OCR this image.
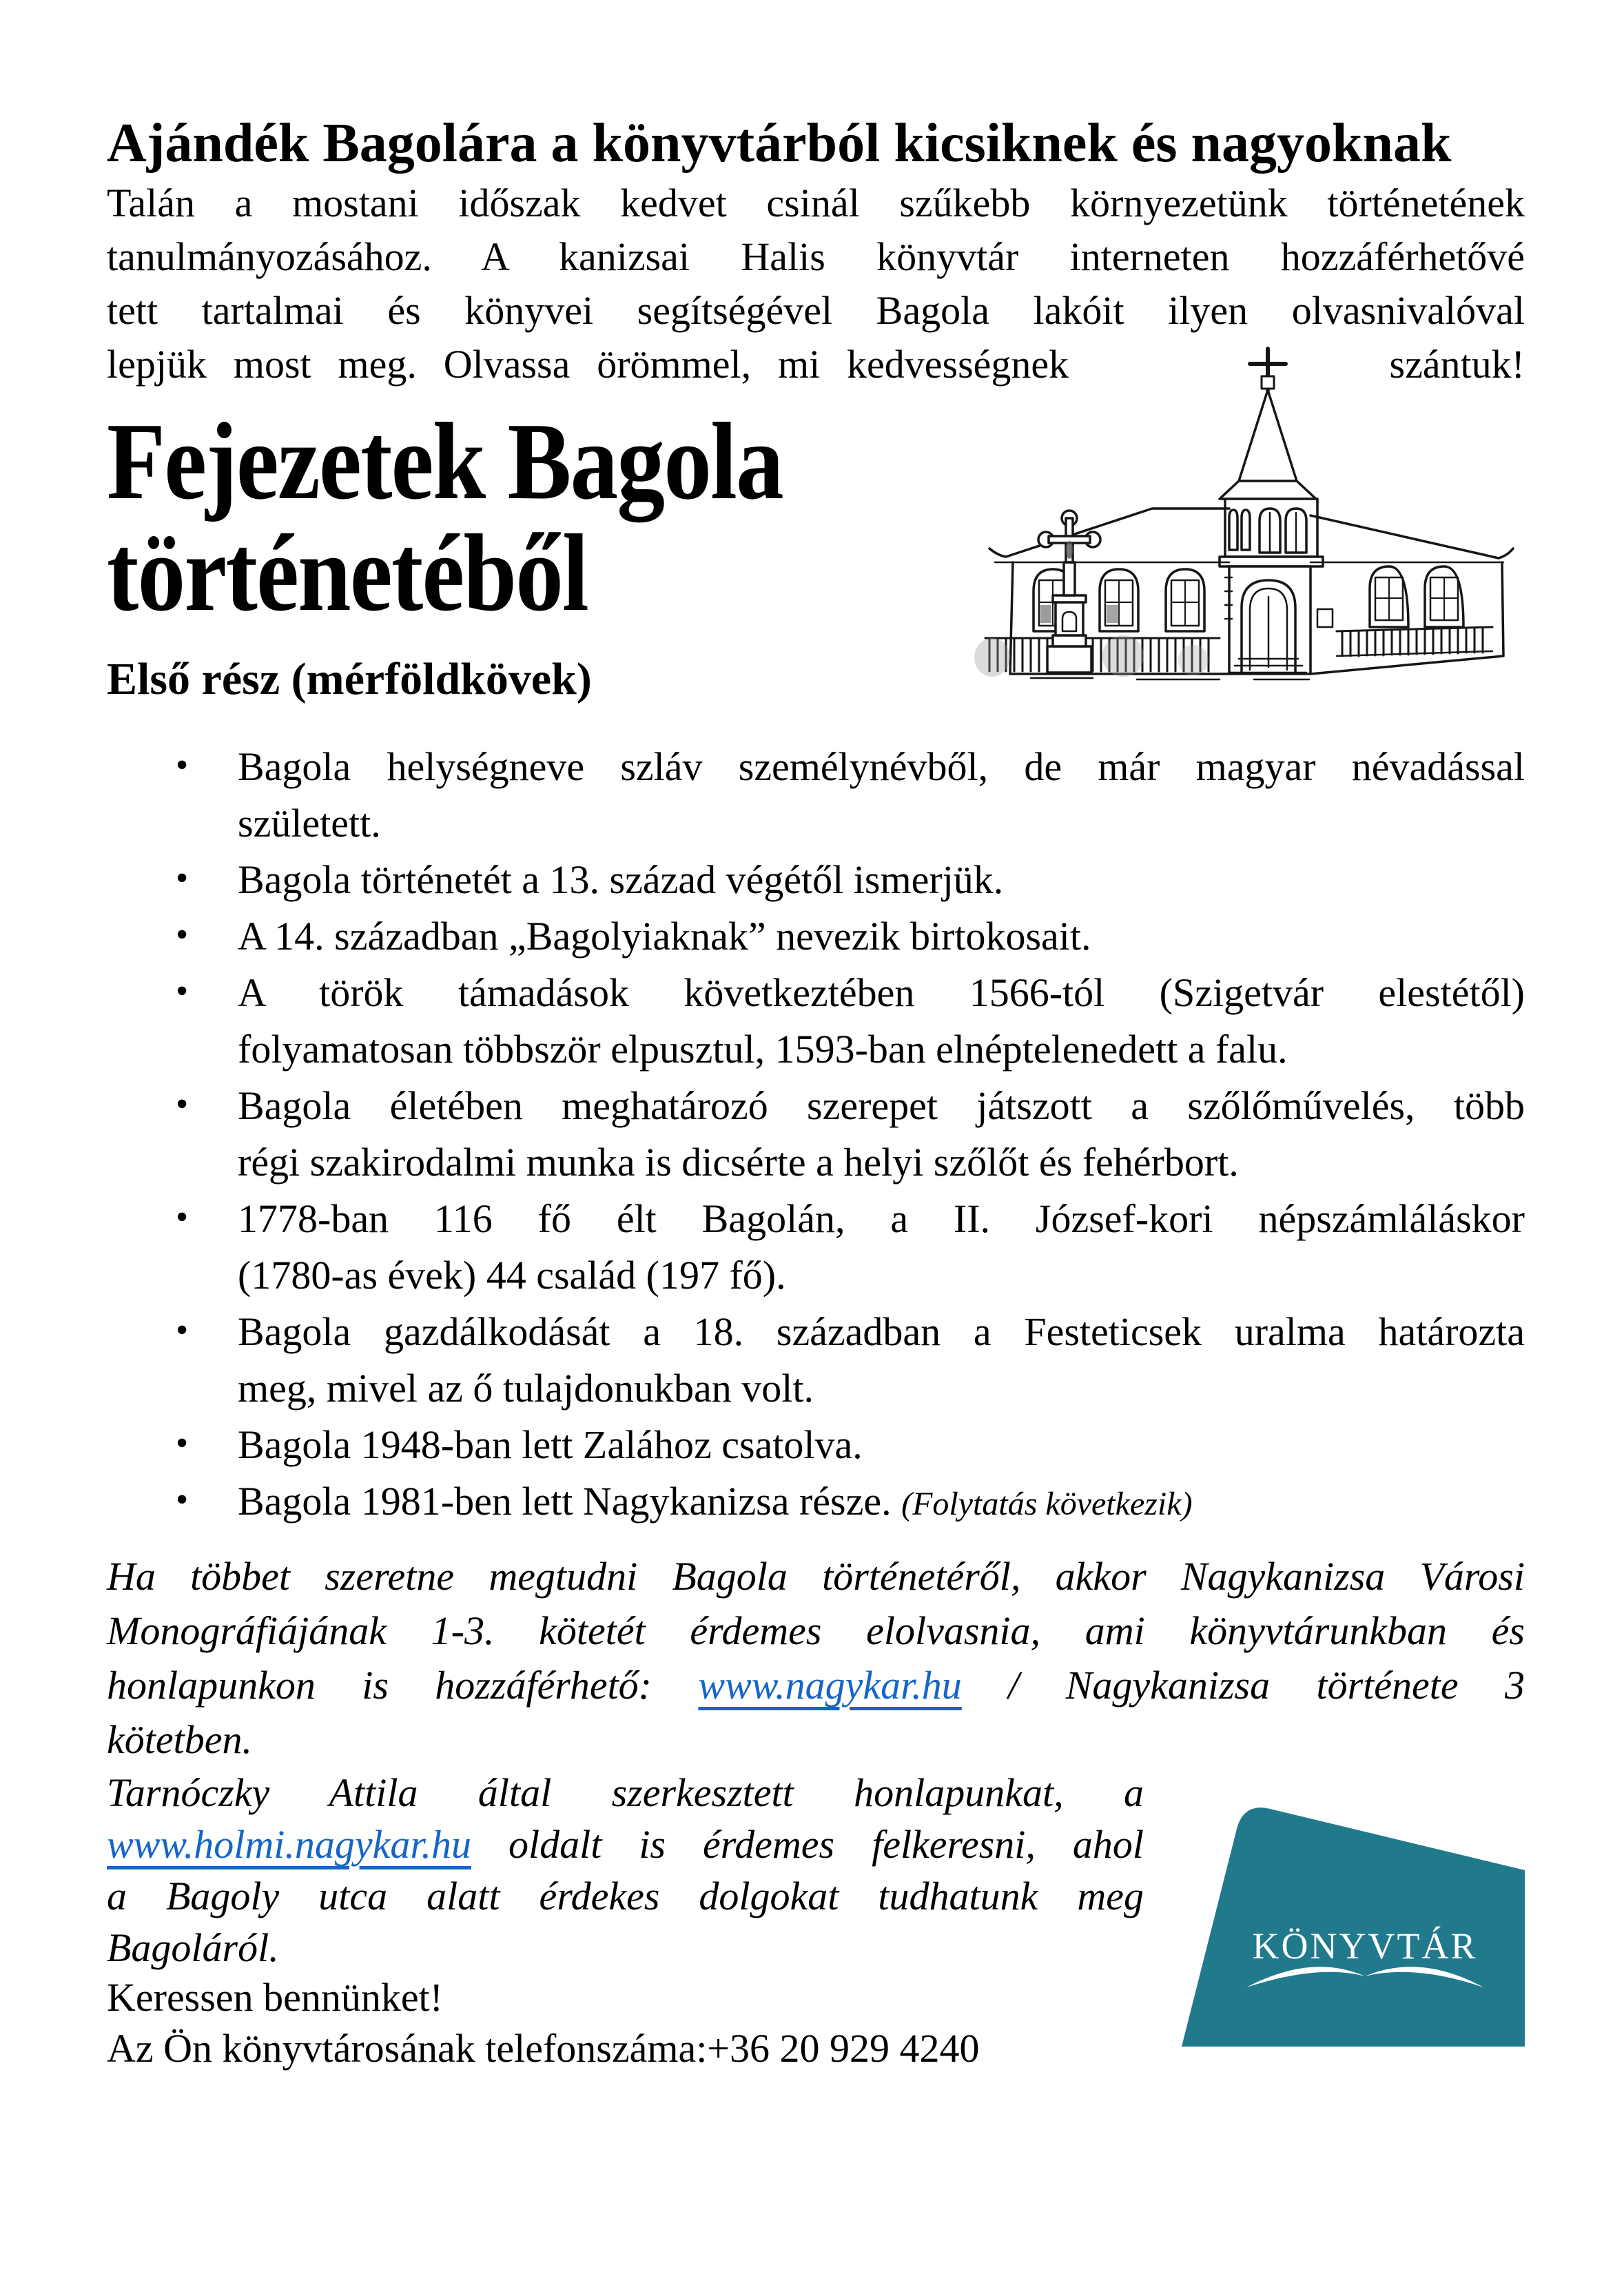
Ajándék Bagolára a könyvtárból kicsiknek és nagyoknak
Talán a mostani időszak kedvet csinál szűkebb környezetünk történetének
tanulmányozásához. A kanizsai Halis könyvtár interneten hozzáférhetővé
tett tartalmai és könyvei segítségével Bagola lakóit ilyen olvasnivalóval
lepjük most meg. Olvassa örömmel, mi kedvességnek	szántuk!
Fejezetek Bagola
történetéből
Első rész (mérföldkövek)
• Bagola helységneve szláv személynévből, de már magyar névadással
született.
• Bagola történetét a 13. század végétől ismerjük.
• A 14. században „Bagolyiaknak” nevezik birtokosait.
• A török támadások következtében 1566-tól (Szigetvár elestétől)
folyamatosan többször elpusztul, 1593-ban elnéptelenedett a falu.
• Bagola életében meghatározó szerepet játszott a szőlőművelés, több
régi szakirodalmi munka is dicsérte a helyi szőlőt és fehérbort.
• 1778-ban 116 fő élt Bagolán, a II. József-kori népszámláláskor
(1780-as évek) 44 család (197 fő).
• Bagola gazdálkodását a 18. században a Festeticsek uralma határozta
meg, mivel az ő tulajdonukban volt.
• Bagola 1948-ban lett Zalához csatolva.
• Bagola 1981-ben lett Nagykanizsa része. (Folytatás következik)
Ha többet szeretne megtudni Bagola történetéről, akkor Nagykanizsa Városi
Monográfiájának 1-3. kötetét érdemes elolvasnia, ami könyvtárunkban és
honlapunkon is hozzáférhető: www.nagykar.hu / Nagykanizsa története 3
kötetben.
Tarnóczky Attila által szerkesztett honlapunkat, a
www.holmi.nagykar.hu oldalt is érdemes felkeresni, ahol
a Bagoly utca alatt érdekes dolgokat tudhatunk meg
Bagoláról.
Keressen bennünket!
Az Ön könyvtárosának telefonszáma:+36 20 929 4240
KÖNYVTÁR
